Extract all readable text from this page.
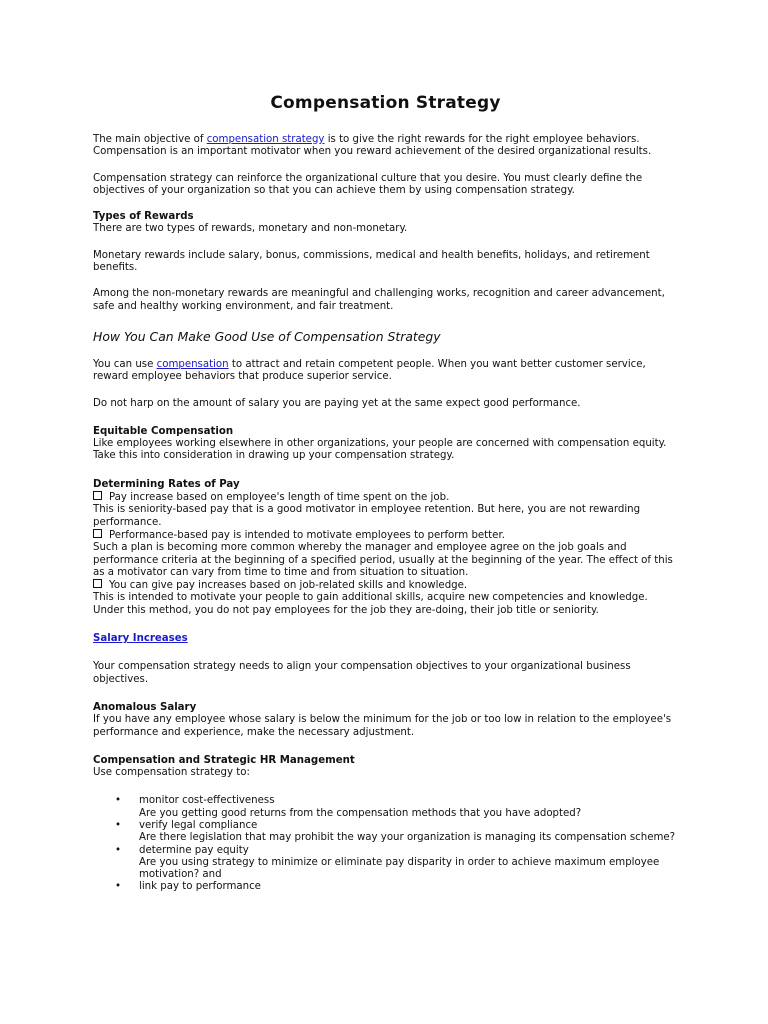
Compensation Strategy

The main objective of compensation strategy is to give the right rewards for the right employee behaviors. Compensation is an important motivator when you reward achievement of the desired organizational results.

Compensation strategy can reinforce the organizational culture that you desire. You must clearly define the objectives of your organization so that you can achieve them by using compensation strategy.

Types of Rewards

There are two types of rewards, monetary and non-monetary.

Monetary rewards include salary, bonus, commissions, medical and health benefits, holidays, and retirement benefits.

Among the non-monetary rewards are meaningful and challenging works, recognition and career advancement, safe and healthy working environment, and fair treatment.

How You Can Make Good Use of Compensation Strategy

You can use compensation to attract and retain competent people. When you want better customer service, reward employee behaviors that produce superior service.

Do not harp on the amount of salary you are paying yet at the same expect good performance.

Equitable Compensation

Like employees working elsewhere in other organizations, your people are concerned with compensation equity. Take this into consideration in drawing up your compensation strategy.

Determining Rates of Pay

Pay increase based on employee's length of time spent on the job.

This is seniority-based pay that is a good motivator in employee retention. But here, you are not rewarding performance.

Performance-based pay is intended to motivate employees to perform better.

Such a plan is becoming more common whereby the manager and employee agree on the job goals and performance criteria at the beginning of a specified period, usually at the beginning of the year. The effect of this as a motivator can vary from time to time and from situation to situation.

You can give pay increases based on job-related skills and knowledge.

This is intended to motivate your people to gain additional skills, acquire new competencies and knowledge. Under this method, you do not pay employees for the job they are-doing, their job title or seniority.

Salary Increases

Your compensation strategy needs to align your compensation objectives to your organizational business objectives.

Anomalous Salary

If you have any employee whose salary is below the minimum for the job or too low in relation to the employee's performance and experience, make the necessary adjustment.

Compensation and Strategic HR Management

Use compensation strategy to:

• monitor cost-effectiveness
Are you getting good returns from the compensation methods that you have adopted?
• verify legal compliance
Are there legislation that may prohibit the way your organization is managing its compensation scheme?
• determine pay equity
Are you using strategy to minimize or eliminate pay disparity in order to achieve maximum employee motivation? and
• link pay to performance
